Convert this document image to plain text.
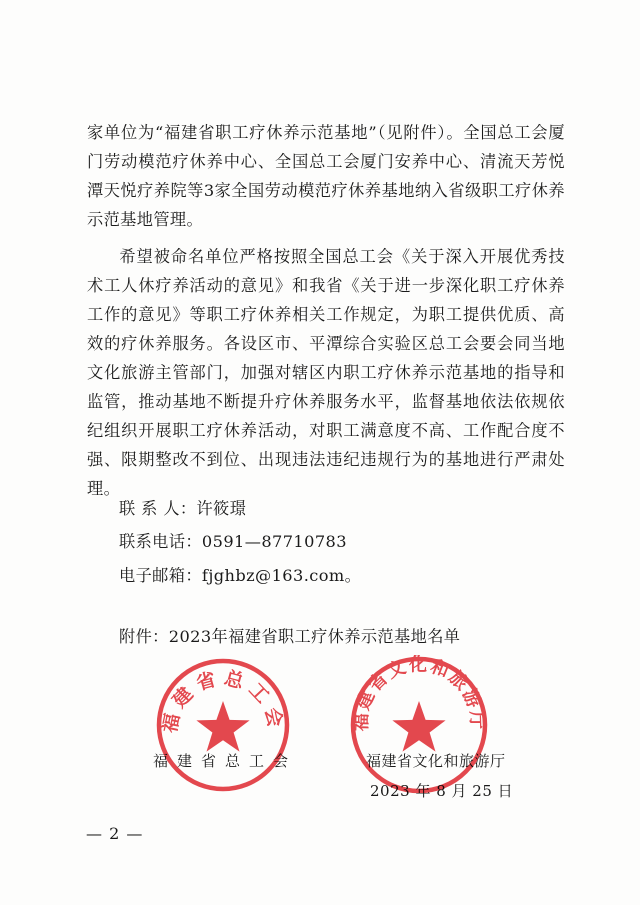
家单位为“福建省职工疗休养示范基地”（见附件）。全国总工会厦门劳动模范疗休养中心、全国总工会厦门安养中心、清流天芳悦潭天悦疗养院等3家全国劳动模范疗休养基地纳入省级职工疗休养示范基地管理。

希望被命名单位严格按照全国总工会《关于深入开展优秀技术工人休疗养活动的意见》和我省《关于进一步深化职工疗休养工作的意见》等职工疗休养相关工作规定，为职工提供优质、高效的疗休养服务。各设区市、平潭综合实验区总工会要会同当地文化旅游主管部门，加强对辖区内职工疗休养示范基地的指导和监管，推动基地不断提升疗休养服务水平，监督基地依法依规依纪组织开展职工疗休养活动，对职工满意度不高、工作配合度不强、限期整改不到位、出现违法违纪违规行为的基地进行严肃处理。

联 系 人：许筱璟
联系电话：0591—87710783
电子邮箱：fjghbz@163.com。
附件：2023年福建省职工疗休养示范基地名单
福建省总工会	福建省文化和旅游厅
福建省总工会	福建省文化和旅游厅
2023 年 8 月 25 日
— 2 —
